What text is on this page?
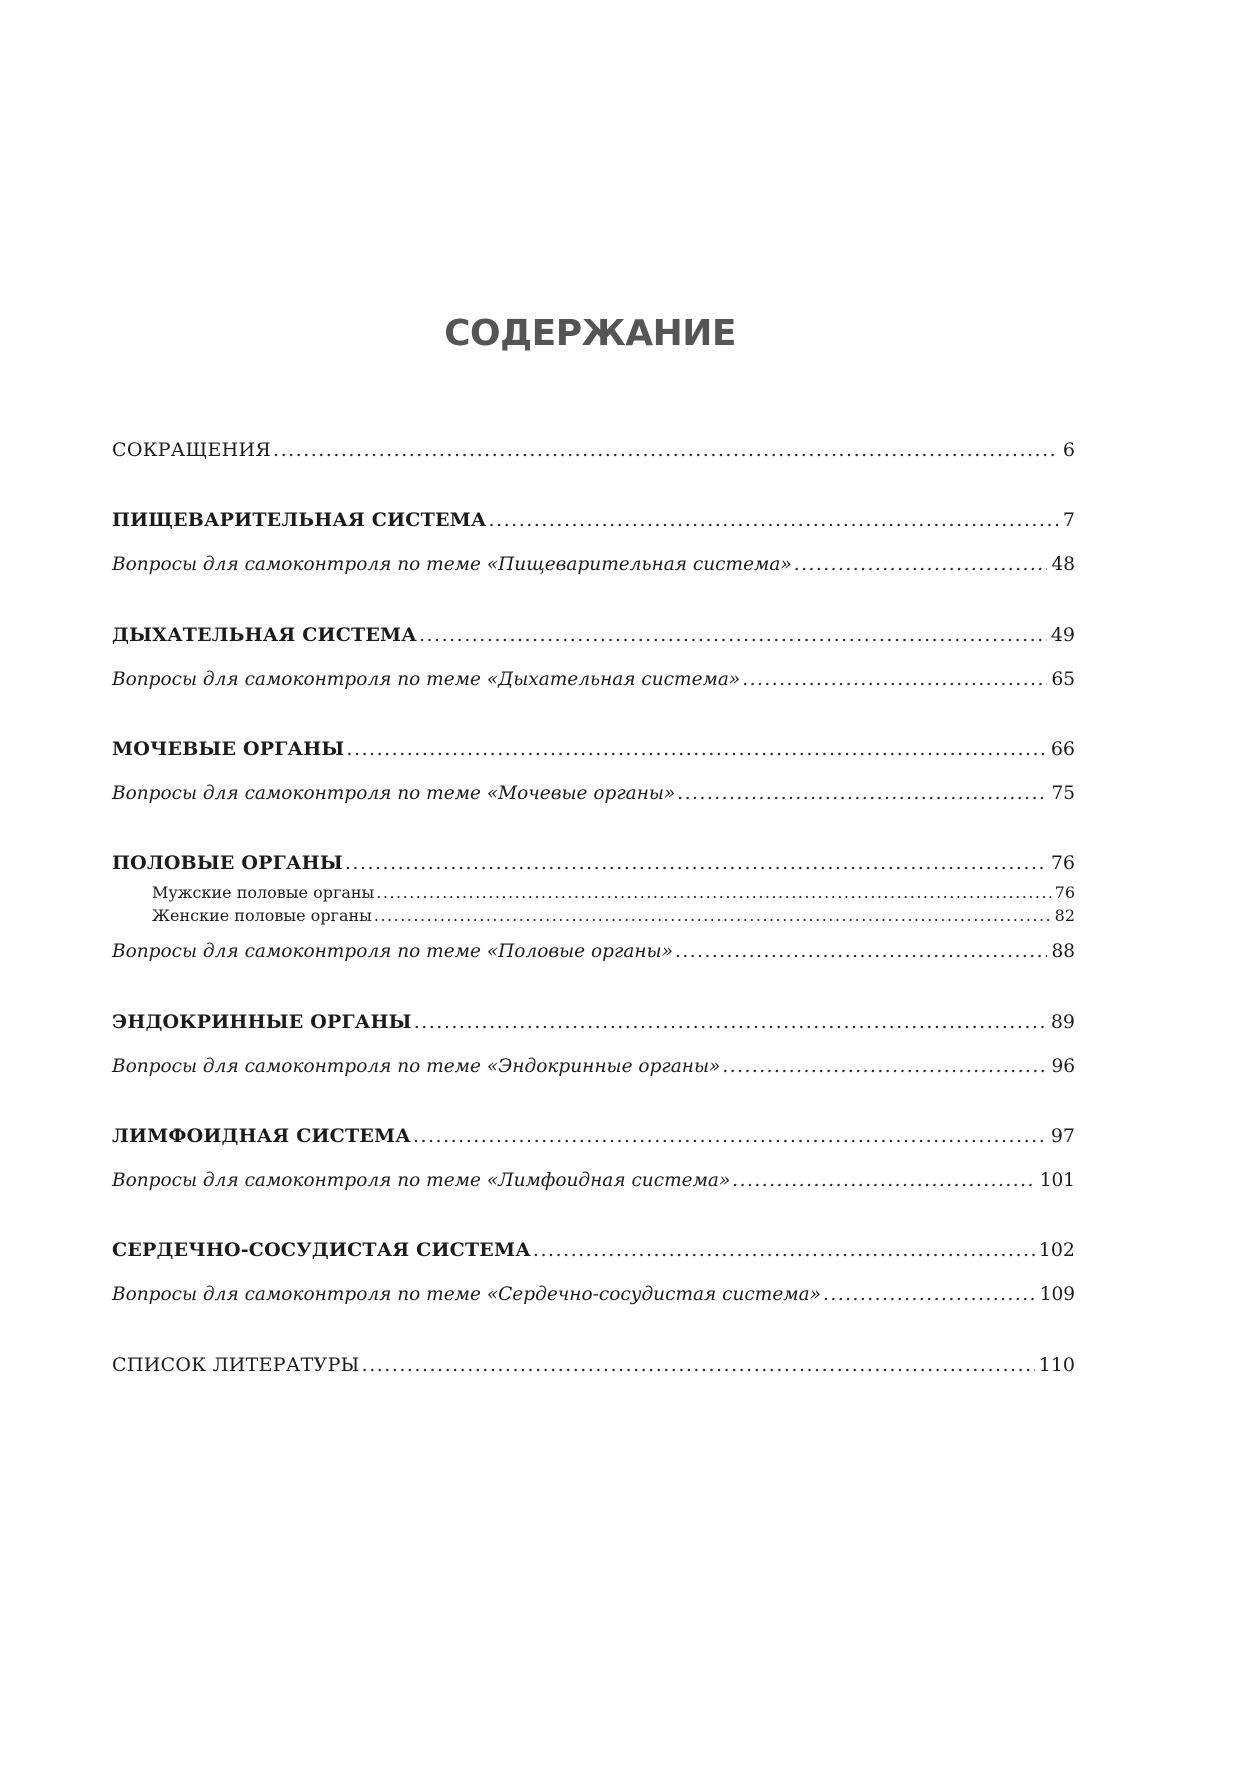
СОДЕРЖАНИЕ
СОКРАЩЕНИЯ .....	6
ПИЩЕВАРИТЕЛЬНАЯ СИСТЕМА .....	7
Вопросы для самоконтроля по теме «Пищеварительная система» .....	48
ДЫХАТЕЛЬНАЯ СИСТЕМА .....	49
Вопросы для самоконтроля по теме «Дыхательная система» .....	65
МОЧЕВЫЕ ОРГАНЫ .....	66
Вопросы для самоконтроля по теме «Мочевые органы» .....	75
ПОЛОВЫЕ ОРГАНЫ .....	76
Мужские половые органы .....	76
Женские половые органы .....	82
Вопросы для самоконтроля по теме «Половые органы» .....	88
ЭНДОКРИННЫЕ ОРГАНЫ .....	89
Вопросы для самоконтроля по теме «Эндокринные органы» .....	96
ЛИМФОИДНАЯ СИСТЕМА .....	97
Вопросы для самоконтроля по теме «Лимфоидная система» .....	101
СЕРДЕЧНО-СОСУДИСТАЯ СИСТЕМА .....	102
Вопросы для самоконтроля по теме «Сердечно-сосудистая система» .....	109
СПИСОК ЛИТЕРАТУРЫ .....	110
